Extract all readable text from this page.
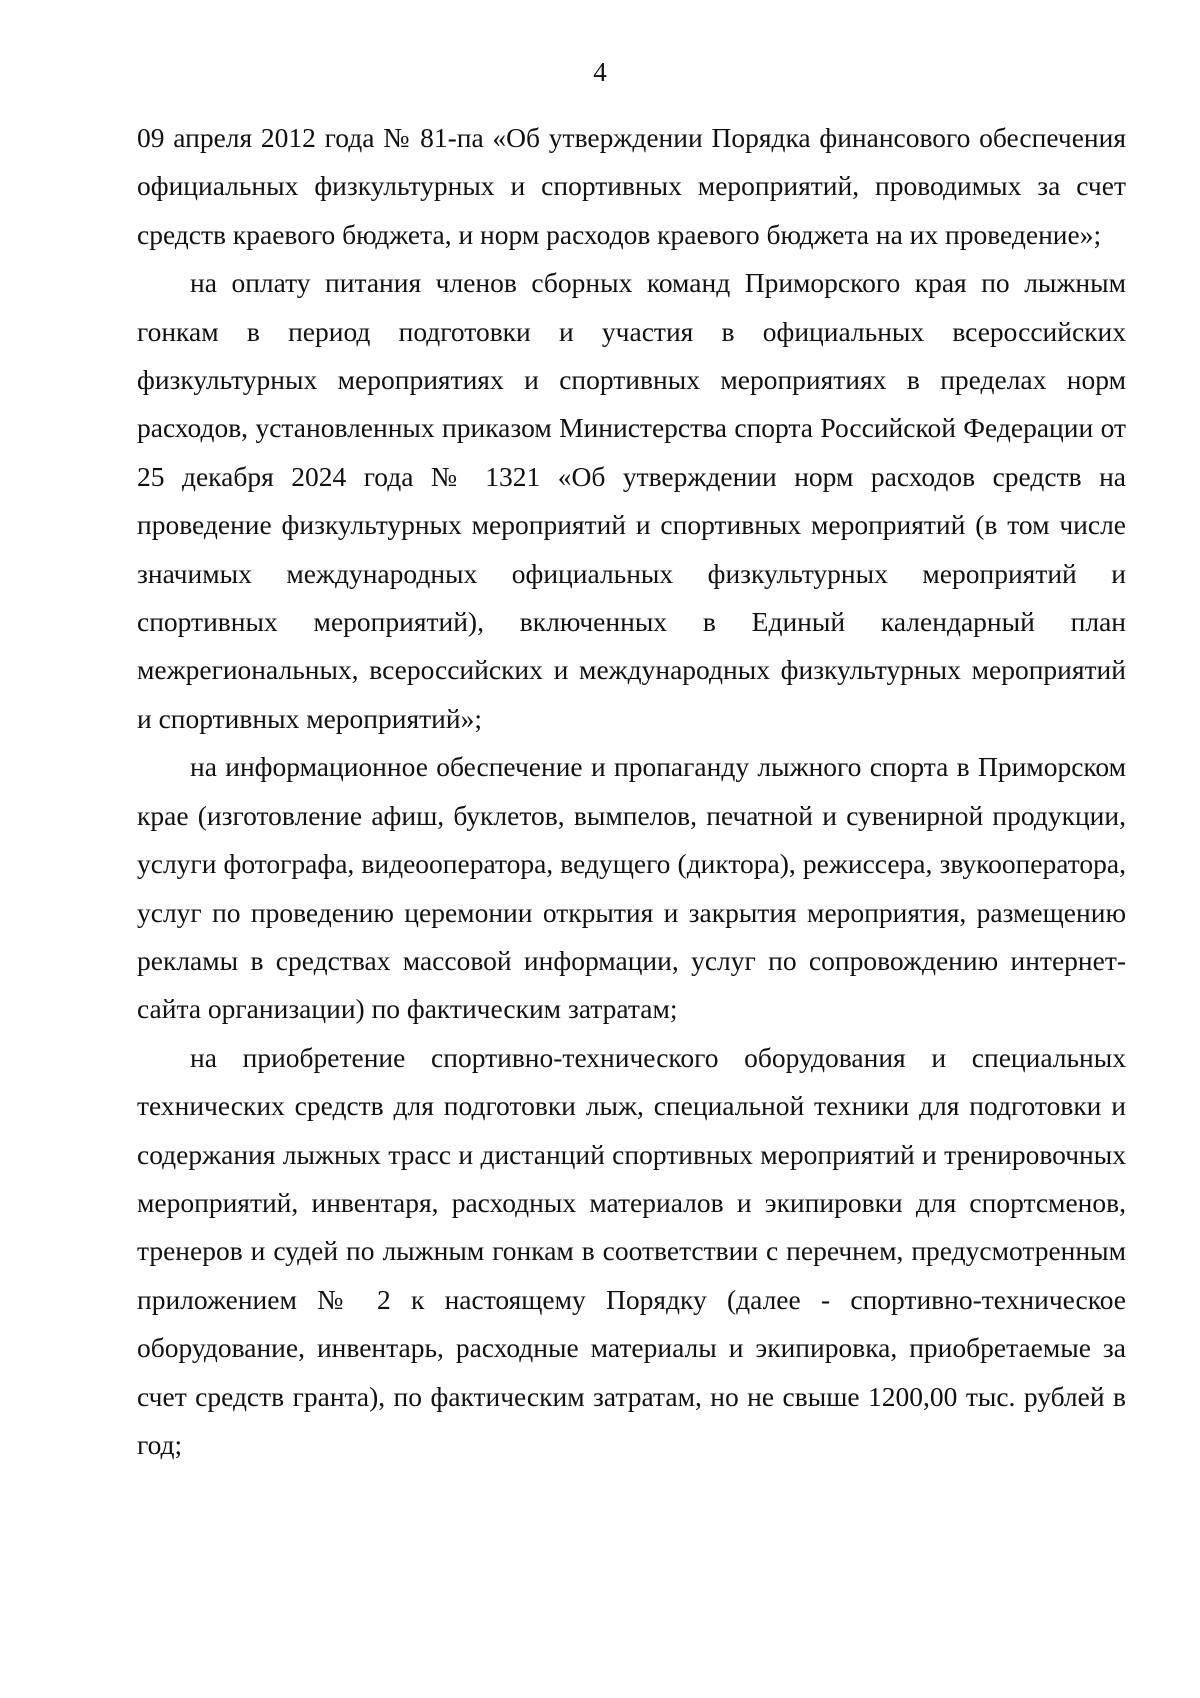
4

09 апреля 2012 года № 81-па «Об утверждении Порядка финансового обеспечения официальных физкультурных и спортивных мероприятий, проводимых за счет средств краевого бюджета, и норм расходов краевого бюджета на их проведение»;

на оплату питания членов сборных команд Приморского края по лыжным гонкам в период подготовки и участия в официальных всероссийских физкультурных мероприятиях и спортивных мероприятиях в пределах норм расходов, установленных приказом Министерства спорта Российской Федерации от 25 декабря 2024 года № 1321 «Об утверждении норм расходов средств на проведение физкультурных мероприятий и спортивных мероприятий (в том числе значимых международных официальных физкультурных мероприятий и спортивных мероприятий), включенных в Единый календарный план межрегиональных, всероссийских и международных физкультурных мероприятий и спортивных мероприятий»;

на информационное обеспечение и пропаганду лыжного спорта в Приморском крае (изготовление афиш, буклетов, вымпелов, печатной и сувенирной продукции, услуги фотографа, видеооператора, ведущего (диктора), режиссера, звукооператора, услуг по проведению церемонии открытия и закрытия мероприятия, размещению рекламы в средствах массовой информации, услуг по сопровождению интернет-сайта организации) по фактическим затратам;

на приобретение спортивно-технического оборудования и специальных технических средств для подготовки лыж, специальной техники для подготовки и содержания лыжных трасс и дистанций спортивных мероприятий и тренировочных мероприятий, инвентаря, расходных материалов и экипировки для спортсменов, тренеров и судей по лыжным гонкам в соответствии с перечнем, предусмотренным приложением № 2 к настоящему Порядку (далее - спортивно-техническое оборудование, инвентарь, расходные материалы и экипировка, приобретаемые за счет средств гранта), по фактическим затратам, но не свыше 1200,00 тыс. рублей в год;
